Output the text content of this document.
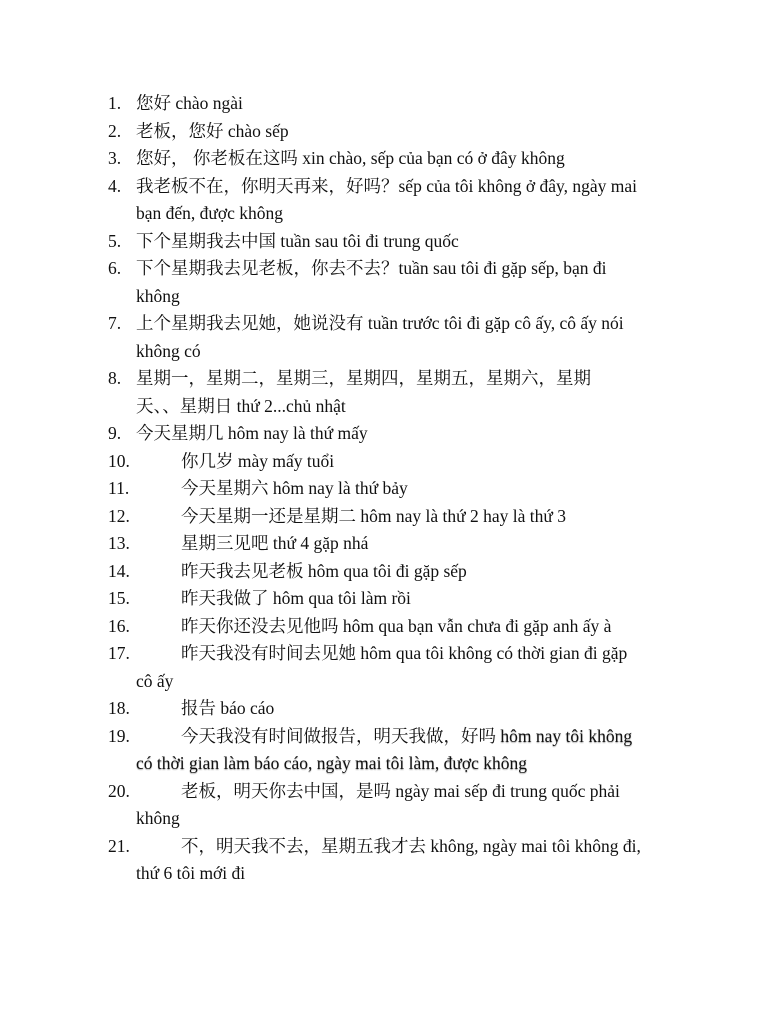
1. 您好 chào ngài
2. 老板，您好 chào sếp
3. 您好， 你老板在这吗 xin chào, sếp của bạn có ở đây không
4. 我老板不在，你明天再来，好吗？sếp của tôi không ở đây, ngày mai
bạn đến, được không
5. 下个星期我去中国 tuần sau tôi đi trung quốc
6. 下个星期我去见老板，你去不去？tuần sau tôi đi gặp sếp, bạn đi
không
7. 上个星期我去见她，她说没有 tuần trước tôi đi gặp cô ấy, cô ấy nói
không có
8. 星期一，星期二，星期三，星期四，星期五，星期六，星期
天、、星期日 thứ 2...chủ nhật
9. 今天星期几 hôm nay là thứ mấy
10.	你几岁 mày mấy tuổi
11.	今天星期六 hôm nay là thứ bảy
12.	今天星期一还是星期二 hôm nay là thứ 2 hay là thứ 3
13.	星期三见吧 thứ 4 gặp nhá
14.	昨天我去见老板 hôm qua tôi đi gặp sếp
15.	昨天我做了 hôm qua tôi làm rồi
16.	昨天你还没去见他吗 hôm qua bạn vẫn chưa đi gặp anh ấy à
17.	昨天我没有时间去见她 hôm qua tôi không có thời gian đi gặp
cô ấy
18.	报告 báo cáo
19.	今天我没有时间做报告，明天我做，好吗 hôm nay tôi không
có thời gian làm báo cáo, ngày mai tôi làm, được không
20.	老板，明天你去中国，是吗 ngày mai sếp đi trung quốc phải
không
21.	不，明天我不去，星期五我才去 không, ngày mai tôi không đi,
thứ 6 tôi mới đi
